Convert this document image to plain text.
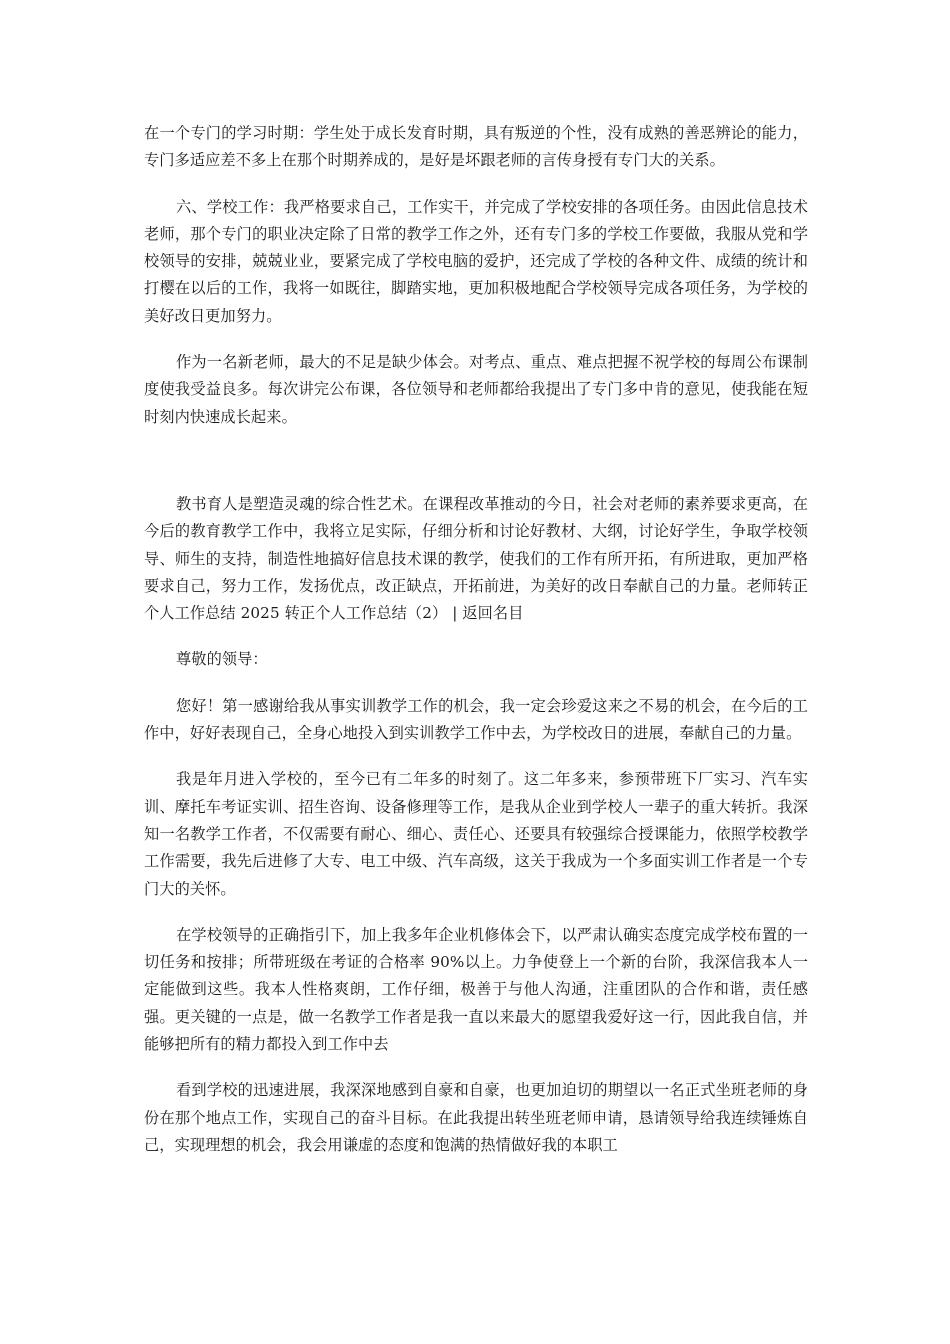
在一个专门的学习时期：学生处于成长发育时期，具有叛逆的个性，没有成熟的善恶辨论的能力，专门多适应差不多上在那个时期养成的，是好是坏跟老师的言传身授有专门大的关系。

六、学校工作：我严格要求自己，工作实干，并完成了学校安排的各项任务。由因此信息技术老师，那个专门的职业决定除了日常的教学工作之外，还有专门多的学校工作要做，我服从党和学校领导的安排，兢兢业业，要紧完成了学校电脑的爱护，还完成了学校的各种文件、成绩的统计和打樱在以后的工作，我将一如既往，脚踏实地，更加积极地配合学校领导完成各项任务，为学校的美好改日更加努力。

作为一名新老师，最大的不足是缺少体会。对考点、重点、难点把握不祝学校的每周公布课制度使我受益良多。每次讲完公布课，各位领导和老师都给我提出了专门多中肯的意见，使我能在短时刻内快速成长起来。

教书育人是塑造灵魂的综合性艺术。在课程改革推动的今日，社会对老师的素养要求更高，在今后的教育教学工作中，我将立足实际，仔细分析和讨论好教材、大纲，讨论好学生，争取学校领导、师生的支持，制造性地搞好信息技术课的教学，使我们的工作有所开拓，有所进取，更加严格要求自己，努力工作，发扬优点，改正缺点，开拓前进，为美好的改日奉献自己的力量。老师转正个人工作总结 2025 转正个人工作总结（2） | 返回名目

尊敬的领导：

您好！第一感谢给我从事实训教学工作的机会，我一定会珍爱这来之不易的机会，在今后的工作中，好好表现自己，全身心地投入到实训教学工作中去，为学校改日的进展，奉献自己的力量。

我是年月进入学校的，至今已有二年多的时刻了。这二年多来，参预带班下厂实习、汽车实训、摩托车考证实训、招生咨询、设备修理等工作，是我从企业到学校人一辈子的重大转折。我深知一名教学工作者，不仅需要有耐心、细心、责任心、还要具有较强综合授课能力，依照学校教学工作需要，我先后进修了大专、电工中级、汽车高级，这关于我成为一个多面实训工作者是一个专门大的关怀。

在学校领导的正确指引下，加上我多年企业机修体会下，以严肃认确实态度完成学校布置的一切任务和按排；所带班级在考证的合格率 90%以上。力争使登上一个新的台阶，我深信我本人一定能做到这些。我本人性格爽朗，工作仔细，极善于与他人沟通，注重团队的合作和谐，责任感强。更关键的一点是，做一名教学工作者是我一直以来最大的愿望我爱好这一行，因此我自信，并能够把所有的精力都投入到工作中去

看到学校的迅速进展，我深深地感到自豪和自豪，也更加迫切的期望以一名正式坐班老师的身份在那个地点工作，实现自己的奋斗目标。在此我提出转坐班老师申请，恳请领导给我连续锤炼自己，实现理想的机会，我会用谦虚的态度和饱满的热情做好我的本职工
